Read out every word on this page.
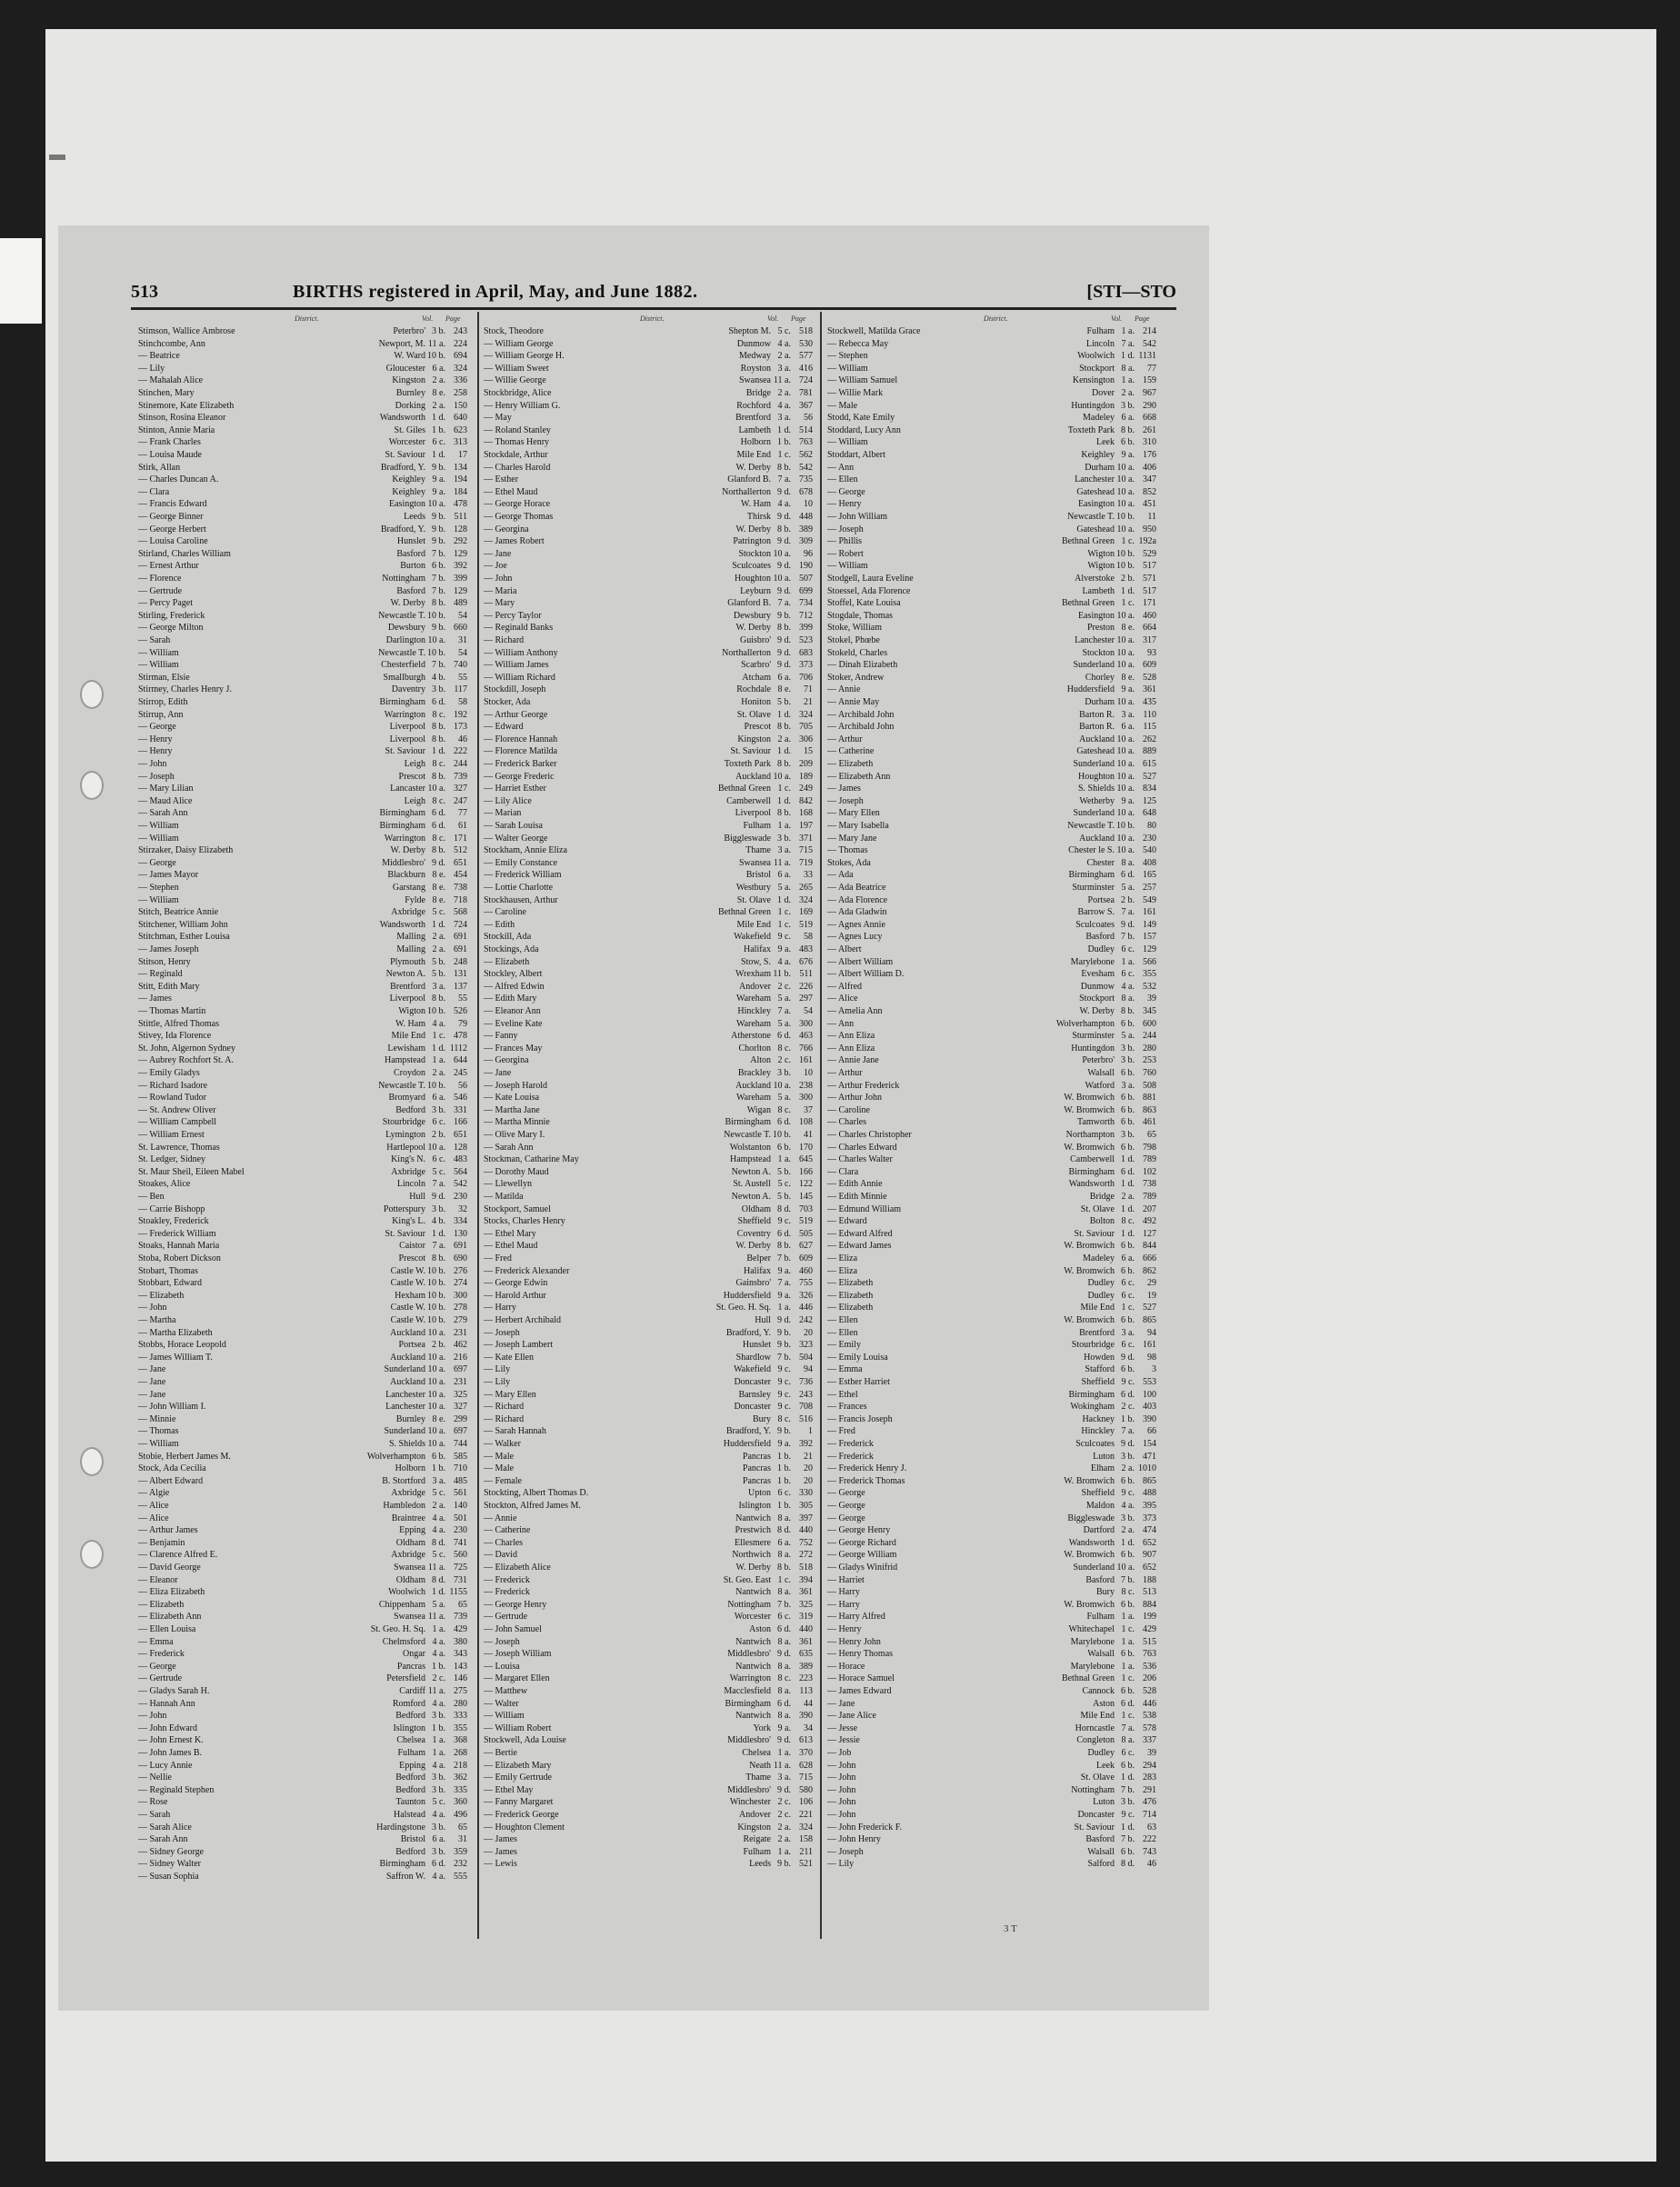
513	BIRTHS registered in April, May, and June 1882.	[STI—STO
District.	Vol. Page
Stimson, Wallice Ambrose	Peterbro' 3 b. 243
Stinchcombe, Ann	Newport, M. 11 a. 224
— Beatrice	W. Ward 10 b. 694
— Lily	Gloucester 6 a. 324
— Mahalah Alice	Kingston 2 a. 336
Stinchen, Mary	Burnley 8 e. 258
Stinemore, Kate Elizabeth	Dorking 2 a. 150
Stinson, Rosina Eleanor	Wandsworth 1 d. 640
Stinton, Annie Maria	St. Giles 1 b. 623
— Frank Charles	Worcester 6 c. 313
— Louisa Maude	St. Saviour 1 d.	17
Stirk, Allan	Bradford, Y. 9 b. 134
— Charles Duncan A.	Keighley 9 a. 194
— Clara	Keighley 9 a. 184
— Francis Edward	Easington 10 a. 478
— George Binner	Leeds 9 b. 511
— George Herbert	Bradford, Y. 9 b. 128
— Louisa Caroline	Hunslet 9 b. 292
Stirland, Charles William	Basford 7 b. 129
— Ernest Arthur	Burton 6 b. 392
— Florence	Nottingham 7 b. 399
— Gertrude	Basford 7 b. 129
— Percy Paget	W. Derby 8 b. 489
Stirling, Frederick	Newcastle T. 10 b.	54
— George Milton	Dewsbury 9 b. 660
— Sarah	Darlington 10 a.	31
— William	Newcastle T. 10 b.	54
— William	Chesterfield 7 b. 740
Stirman, Elsie	Smallburgh 4 b.	55
Stirmey, Charles Henry J.	Daventry 3 b. 117
Stirrop, Edith	Birmingham 6 d.	58
Stirrup, Ann	Warrington 8 c. 192
— George	Liverpool 8 b. 173
— Henry	Liverpool 8 b.	46
— Henry	St. Saviour 1 d. 222
— John	Leigh 8 c. 244
— Joseph	Prescot 8 b. 739
— Mary Lilian	Lancaster 10 a. 327
— Maud Alice	Leigh 8 c. 247
— Sarah Ann	Birmingham 6 d.	77
— William	Birmingham 6 d.	61
— William	Warrington 8 c. 171
Stirzaker, Daisy Elizabeth	W. Derby 8 b. 512
— George	Middlesbro' 9 d. 651
— James Mayor	Blackburn 8 e. 454
— Stephen	Garstang 8 e. 738
— William	Fylde 8 e. 718
Stitch, Beatrice Annie	Axbridge 5 c. 568
Stitchener, William John	Wandsworth 1 d. 724
Stitchman, Esther Louisa	Malling 2 a. 691
— James Joseph	Malling 2 a. 691
Stitson, Henry	Plymouth 5 b. 248
— Reginald	Newton A. 5 b. 131
Stitt, Edith Mary	Brentford 3 a. 137
— James	Liverpool 8 b.	55
— Thomas Martin	Wigton 10 b. 526
Stittle, Alfred Thomas	W. Ham 4 a.	79
Stivey, Ida Florence	Mile End 1 c. 478
St. John, Algernon Sydney	Lewisham 1 d. 1112
— Aubrey Rochfort St. A.	Hampstead 1 a. 644
— Emily Gladys	Croydon 2 a. 245
— Richard Isadore	Newcastle T. 10 b.	56
— Rowland Tudor	Bromyard 6 a. 546
— St. Andrew Oliver	Bedford 3 b. 331
— William Campbell	Stourbridge 6 c. 166
— William Ernest	Lymington 2 b. 651
St. Lawrence, Thomas	Hartlepool 10 a. 128
St. Ledger, Sidney	King's N. 6 c. 483
St. Maur Sheil, Eileen Mabel	Axbridge 5 c. 564
Stoakes, Alice	Lincoln 7 a. 542
— Ben	Hull 9 d. 230
— Carrie Bishopp	Potterspury 3 b.	32
Stoakley, Frederick	King's L. 4 b. 334
— Frederick William	St. Saviour 1 d. 130
Stoaks, Hannah Maria	Caistor 7 a. 691
Stoba, Robert Dickson	Prescot 8 b. 690
Stobart, Thomas	Castle W. 10 b. 276
Stobbart, Edward	Castle W. 10 b. 274
— Elizabeth	Hexham 10 b. 300
— John	Castle W. 10 b. 278
— Martha	Castle W. 10 b. 279
— Martha Elizabeth	Auckland 10 a. 231
Stobbs, Horace Leopold	Portsea 2 b. 462
— James William T.	Auckland 10 a. 216
— Jane	Sunderland 10 a. 697
— Jane	Auckland 10 a. 231
— Jane	Lanchester 10 a. 325
— John William I.	Lanchester 10 a. 327
— Minnie	Burnley 8 e. 299
— Thomas	Sunderland 10 a. 697
— William	S. Shields 10 a. 744
Stobie, Herbert James M.	Wolverhampton 6 b. 585
Stock, Ada Cecilia	Holborn 1 b. 710
— Albert Edward	B. Stortford 3 a. 485
— Algie	Axbridge 5 c. 561
— Alice	Hambledon 2 a. 140
— Alice	Braintree 4 a. 501
— Arthur James	Epping 4 a. 230
— Benjamin	Oldham 8 d. 741
— Clarence Alfred E.	Axbridge 5 c. 560
— David George	Swansea 11 a. 725
— Eleanor	Oldham 8 d. 731
— Eliza Elizabeth	Woolwich 1 d. 1155
— Elizabeth	Chippenham 5 a.	65
— Elizabeth Ann	Swansea 11 a. 739
— Ellen Louisa	St. Geo. H. Sq. 1 a. 429
— Emma	Chelmsford 4 a. 380
— Frederick	Ongar 4 a. 343
— George	Pancras 1 b. 143
— Gertrude	Petersfield 2 c. 146
— Gladys Sarah H.	Cardiff 11 a. 275
— Hannah Ann	Romford 4 a. 280
— John	Bedford 3 b. 333
— John Edward	Islington 1 b. 355
— John Ernest K.	Chelsea 1 a. 368
— John James B.	Fulham 1 a. 268
— Lucy Annie	Epping 4 a. 218
— Nellie	Bedford 3 b. 362
— Reginald Stephen	Bedford 3 b. 335
— Rose	Taunton 5 c. 360
— Sarah	Halstead 4 a. 496
— Sarah Alice	Hardingstone 3 b.	65
— Sarah Ann	Bristol 6 a.	31
— Sidney George	Bedford 3 b. 359
— Sidney Walter	Birmingham 6 d. 232
— Susan Sophia	Saffron W. 4 a. 555
District.	Vol. Page
Stock, Theodore	Shepton M. 5 c. 518
— William George	Dunmow 4 a. 530
— William George H.	Medway 2 a. 577
— William Sweet	Royston 3 a. 416
— Willie George	Swansea 11 a. 724
Stockbridge, Alice	Bridge 2 a. 781
— Henry William G.	Rochford 4 a. 367
— May	Brentford 3 a.	56
— Roland Stanley	Lambeth 1 d. 514
— Thomas Henry	Holborn 1 b. 763
Stockdale, Arthur	Mile End 1 c. 562
— Charles Harold	W. Derby 8 b. 542
— Esther	Glanford B. 7 a. 735
— Ethel Maud	Northallerton 9 d. 678
— George Horace	W. Ham 4 a.	10
— George Thomas	Thirsk 9 d. 448
— Georgina	W. Derby 8 b. 389
— James Robert	Patrington 9 d. 309
— Jane	Stockton 10 a.	96
— Joe	Sculcoates 9 d. 190
— John	Houghton 10 a. 507
— Maria	Leyburn 9 d. 699
— Mary	Glanford B. 7 a. 734
— Percy Taylor	Dewsbury 9 b. 712
— Reginald Banks	W. Derby 8 b. 399
— Richard	Guisbro' 9 d. 523
— William Anthony	Northallerton 9 d. 683
— William James	Scarbro' 9 d. 373
— William Richard	Atcham 6 a. 706
Stockdill, Joseph	Rochdale 8 e.	71
Stocker, Ada	Honiton 5 b.	21
— Arthur George	St. Olave 1 d. 324
— Edward	Prescot 8 b. 705
— Florence Hannah	Kingston 2 a. 306
— Florence Matilda	St. Saviour 1 d.	15
— Frederick Barker	Toxteth Park 8 b. 209
— George Frederic	Auckland 10 a. 189
— Harriet Esther	Bethnal Green 1 c. 249
— Lily Alice	Camberwell 1 d. 842
— Marian	Liverpool 8 b. 168
— Sarah Louisa	Fulham 1 a. 197
— Walter George	Biggleswade 3 b. 371
Stockham, Annie Eliza	Thame 3 a. 715
— Emily Constance	Swansea 11 a. 719
— Frederick William	Bristol 6 a.	33
— Lottie Charlotte	Westbury 5 a. 265
Stockhausen, Arthur	St. Olave 1 d. 324
— Caroline	Bethnal Green 1 c. 169
— Edith	Mile End 1 c. 519
Stockill, Ada	Wakefield 9 c.	58
Stockings, Ada	Halifax 9 a. 483
— Elizabeth	Stow, S. 4 a. 676
Stockley, Albert	Wrexham 11 b. 511
— Alfred Edwin	Andover 2 c. 226
— Edith Mary	Wareham 5 a. 297
— Eleanor Ann	Hinckley 7 a.	54
— Eveline Kate	Wareham 5 a. 300
— Fanny	Atherstone 6 d. 463
— Frances May	Chorlton 8 c. 766
— Georgina	Alton 2 c. 161
— Jane	Brackley 3 b.	10
— Joseph Harold	Auckland 10 a. 238
— Kate Louisa	Wareham 5 a. 300
— Martha Jane	Wigan 8 c.	37
— Martha Minnie	Birmingham 6 d. 108
— Olive Mary I.	Newcastle T. 10 b.	41
— Sarah Ann	Wolstanton 6 b. 170
Stockman, Catharine May	Hampstead 1 a. 645
— Dorothy Maud	Newton A. 5 b. 166
— Llewellyn	St. Austell 5 c. 122
— Matilda	Newton A. 5 b. 145
Stockport, Samuel	Oldham 8 d. 703
Stocks, Charles Henry	Sheffield 9 c. 519
— Ethel Mary	Coventry 6 d. 505
— Ethel Maud	W. Derby 8 b. 627
— Fred	Belper 7 b. 609
— Frederick Alexander	Halifax 9 a. 460
— George Edwin	Gainsbro' 7 a. 755
— Harold Arthur	Huddersfield 9 a. 326
— Harry	St. Geo. H. Sq. 1 a. 446
— Herbert Archibald	Hull 9 d. 242
— Joseph	Bradford, Y. 9 b.	20
— Joseph Lambert	Hunslet 9 b. 323
— Kate Ellen	Shardlow 7 b. 504
— Lily	Wakefield 9 c.	94
— Lily	Doncaster 9 c. 736
— Mary Ellen	Barnsley 9 c. 243
— Richard	Doncaster 9 c. 708
— Richard	Bury 8 c. 516
— Sarah Hannah	Bradford, Y. 9 b.	1
— Walker	Huddersfield 9 a. 392
— Male	Pancras 1 b.	21
— Male	Pancras 1 b.	20
— Female	Pancras 1 b.	20
Stockting, Albert Thomas D.	Upton 6 c. 330
Stockton, Alfred James M.	Islington 1 b. 305
— Annie	Nantwich 8 a. 397
— Catherine	Prestwich 8 d. 440
— Charles	Ellesmere 6 a. 752
— David	Northwich 8 a. 272
— Elizabeth Alice	W. Derby 8 b. 518
— Frederick	St. Geo. East 1 c. 394
— Frederick	Nantwich 8 a. 361
— George Henry	Nottingham 7 b. 325
— Gertrude	Worcester 6 c. 319
— John Samuel	Aston 6 d. 440
— Joseph	Nantwich 8 a. 361
— Joseph William	Middlesbro' 9 d. 635
— Louisa	Nantwich 8 a. 389
— Margaret Ellen	Warrington 8 c. 223
— Matthew	Macclesfield 8 a. 113
— Walter	Birmingham 6 d.	44
— William	Nantwich 8 a. 390
— William Robert	York 9 a.	34
Stockwell, Ada Louise	Middlesbro' 9 d. 613
— Bertie	Chelsea 1 a. 370
— Elizabeth Mary	Neath 11 a. 628
— Emily Gertrude	Thame 3 a. 715
— Ethel May	Middlesbro' 9 d. 580
— Fanny Margaret	Winchester 2 c. 106
— Frederick George	Andover 2 c. 221
— Houghton Clement	Kingston 2 a. 324
— James	Reigate 2 a. 158
— James	Fulham 1 a. 211
— Lewis	Leeds 9 b. 521
District.	Vol. Page
Stockwell, Matilda Grace	Fulham 1 a. 214
— Rebecca May	Lincoln 7 a. 542
— Stephen	Woolwich 1 d. 1131
— William	Stockport 8 a.	77
— William Samuel	Kensington 1 a. 159
— Willie Mark	Dover 2 a. 967
— Male	Huntingdon 3 b. 290
Stodd, Kate Emily	Madeley 6 a. 668
Stoddard, Lucy Ann	Toxteth Park 8 b. 261
— William	Leek 6 b. 310
Stoddart, Albert	Keighley 9 a. 176
— Ann	Durham 10 a. 406
— Ellen	Lanchester 10 a. 347
— George	Gateshead 10 a. 852
— Henry	Easington 10 a. 451
— John William	Newcastle T. 10 b.	11
— Joseph	Gateshead 10 a. 950
— Phillis	Bethnal Green 1 c. 192a
— Robert	Wigton 10 b. 529
— William	Wigton 10 b. 517
Stodgell, Laura Eveline	Alverstoke 2 b. 571
Stoessel, Ada Florence	Lambeth 1 d. 517
Stoffel, Kate Louisa	Bethnal Green 1 c. 171
Stogdale, Thomas	Easington 10 a. 460
Stoke, William	Preston 8 e. 664
Stokel, Phœbe	Lanchester 10 a. 317
Stokeld, Charles	Stockton 10 a.	93
— Dinah Elizabeth	Sunderland 10 a. 609
Stoker, Andrew	Chorley 8 e. 528
— Annie	Huddersfield 9 a. 361
— Annie May	Durham 10 a. 435
— Archibald John	Barton R. 3 a. 110
— Archibald John	Barton R. 6 a. 115
— Arthur	Auckland 10 a. 262
— Catherine	Gateshead 10 a. 889
— Elizabeth	Sunderland 10 a. 615
— Elizabeth Ann	Houghton 10 a. 527
— James	S. Shields 10 a. 834
— Joseph	Wetherby 9 a. 125
— Mary Ellen	Sunderland 10 a. 648
— Mary Isabella	Newcastle T. 10 b.	80
— Mary Jane	Auckland 10 a. 230
— Thomas	Chester le S. 10 a. 540
Stokes, Ada	Chester 8 a. 408
— Ada	Birmingham 6 d. 165
— Ada Beatrice	Sturminster 5 a. 257
— Ada Florence	Portsea 2 b. 549
— Ada Gladwin	Barrow S. 7 a. 161
— Agnes Annie	Sculcoates 9 d. 149
— Agnes Lucy	Basford 7 b. 157
— Albert	Dudley 6 c. 129
— Albert William	Marylebone 1 a. 566
— Albert William D.	Evesham 6 c. 355
— Alfred	Dunmow 4 a. 532
— Alice	Stockport 8 a.	39
— Amelia Ann	W. Derby 8 b. 345
— Ann	Wolverhampton 6 b. 600
— Ann Eliza	Sturminster 5 a. 244
— Ann Eliza	Huntingdon 3 b. 280
— Annie Jane	Peterbro' 3 b. 253
— Arthur	Walsall 6 b. 760
— Arthur Frederick	Watford 3 a. 508
— Arthur John	W. Bromwich 6 b. 881
— Caroline	W. Bromwich 6 b. 863
— Charles	Tamworth 6 b. 461
— Charles Christopher	Northampton 3 b.	65
— Charles Edward	W. Bromwich 6 b. 798
— Charles Walter	Camberwell 1 d. 789
— Clara	Birmingham 6 d. 102
— Edith Annie	Wandsworth 1 d. 738
— Edith Minnie	Bridge 2 a. 789
— Edmund William	St. Olave 1 d. 207
— Edward	Bolton 8 c. 492
— Edward Alfred	St. Saviour 1 d. 127
— Edward James	W. Bromwich 6 b. 844
— Eliza	Madeley 6 a. 666
— Eliza	W. Bromwich 6 b. 862
— Elizabeth	Dudley 6 c.	29
— Elizabeth	Dudley 6 c.	19
— Elizabeth	Mile End 1 c. 527
— Ellen	W. Bromwich 6 b. 865
— Ellen	Brentford 3 a.	94
— Emily	Stourbridge 6 c. 161
— Emily Louisa	Howden 9 d.	98
— Emma	Stafford 6 b.	3
— Esther Harriet	Sheffield 9 c. 553
— Ethel	Birmingham 6 d. 100
— Frances	Wokingham 2 c. 403
— Francis Joseph	Hackney 1 b. 390
— Fred	Hinckley 7 a.	66
— Frederick	Sculcoates 9 d. 154
— Frederick	Luton 3 b. 471
— Frederick Henry J.	Elham 2 a. 1010
— Frederick Thomas	W. Bromwich 6 b. 865
— George	Sheffield 9 c. 488
— George	Maldon 4 a. 395
— George	Biggleswade 3 b. 373
— George Henry	Dartford 2 a. 474
— George Richard	Wandsworth 1 d. 652
— George William	W. Bromwich 6 b. 907
— Gladys Winifrid	Sunderland 10 a. 652
— Harriet	Basford 7 b. 188
— Harry	Bury 8 c. 513
— Harry	W. Bromwich 6 b. 884
— Harry Alfred	Fulham 1 a. 199
— Henry	Whitechapel 1 c. 429
— Henry John	Marylebone 1 a. 515
— Henry Thomas	Walsall 6 b. 763
— Horace	Marylebone 1 a. 536
— Horace Samuel	Bethnal Green 1 c. 206
— James Edward	Cannock 6 b. 528
— Jane	Aston 6 d. 446
— Jane Alice	Mile End 1 c. 538
— Jesse	Horncastle 7 a. 578
— Jessie	Congleton 8 a. 337
— Job	Dudley 6 c.	39
— John	Leek 6 b. 294
— John	St. Olave 1 d. 283
— John	Nottingham 7 b. 291
— John	Luton 3 b. 476
— John	Doncaster 9 c. 714
— John Frederick F.	St. Saviour 1 d.	63
— John Henry	Basford 7 b. 222
— Joseph	Walsall 6 b. 743
— Lily	Salford 8 d.	46
3 T
